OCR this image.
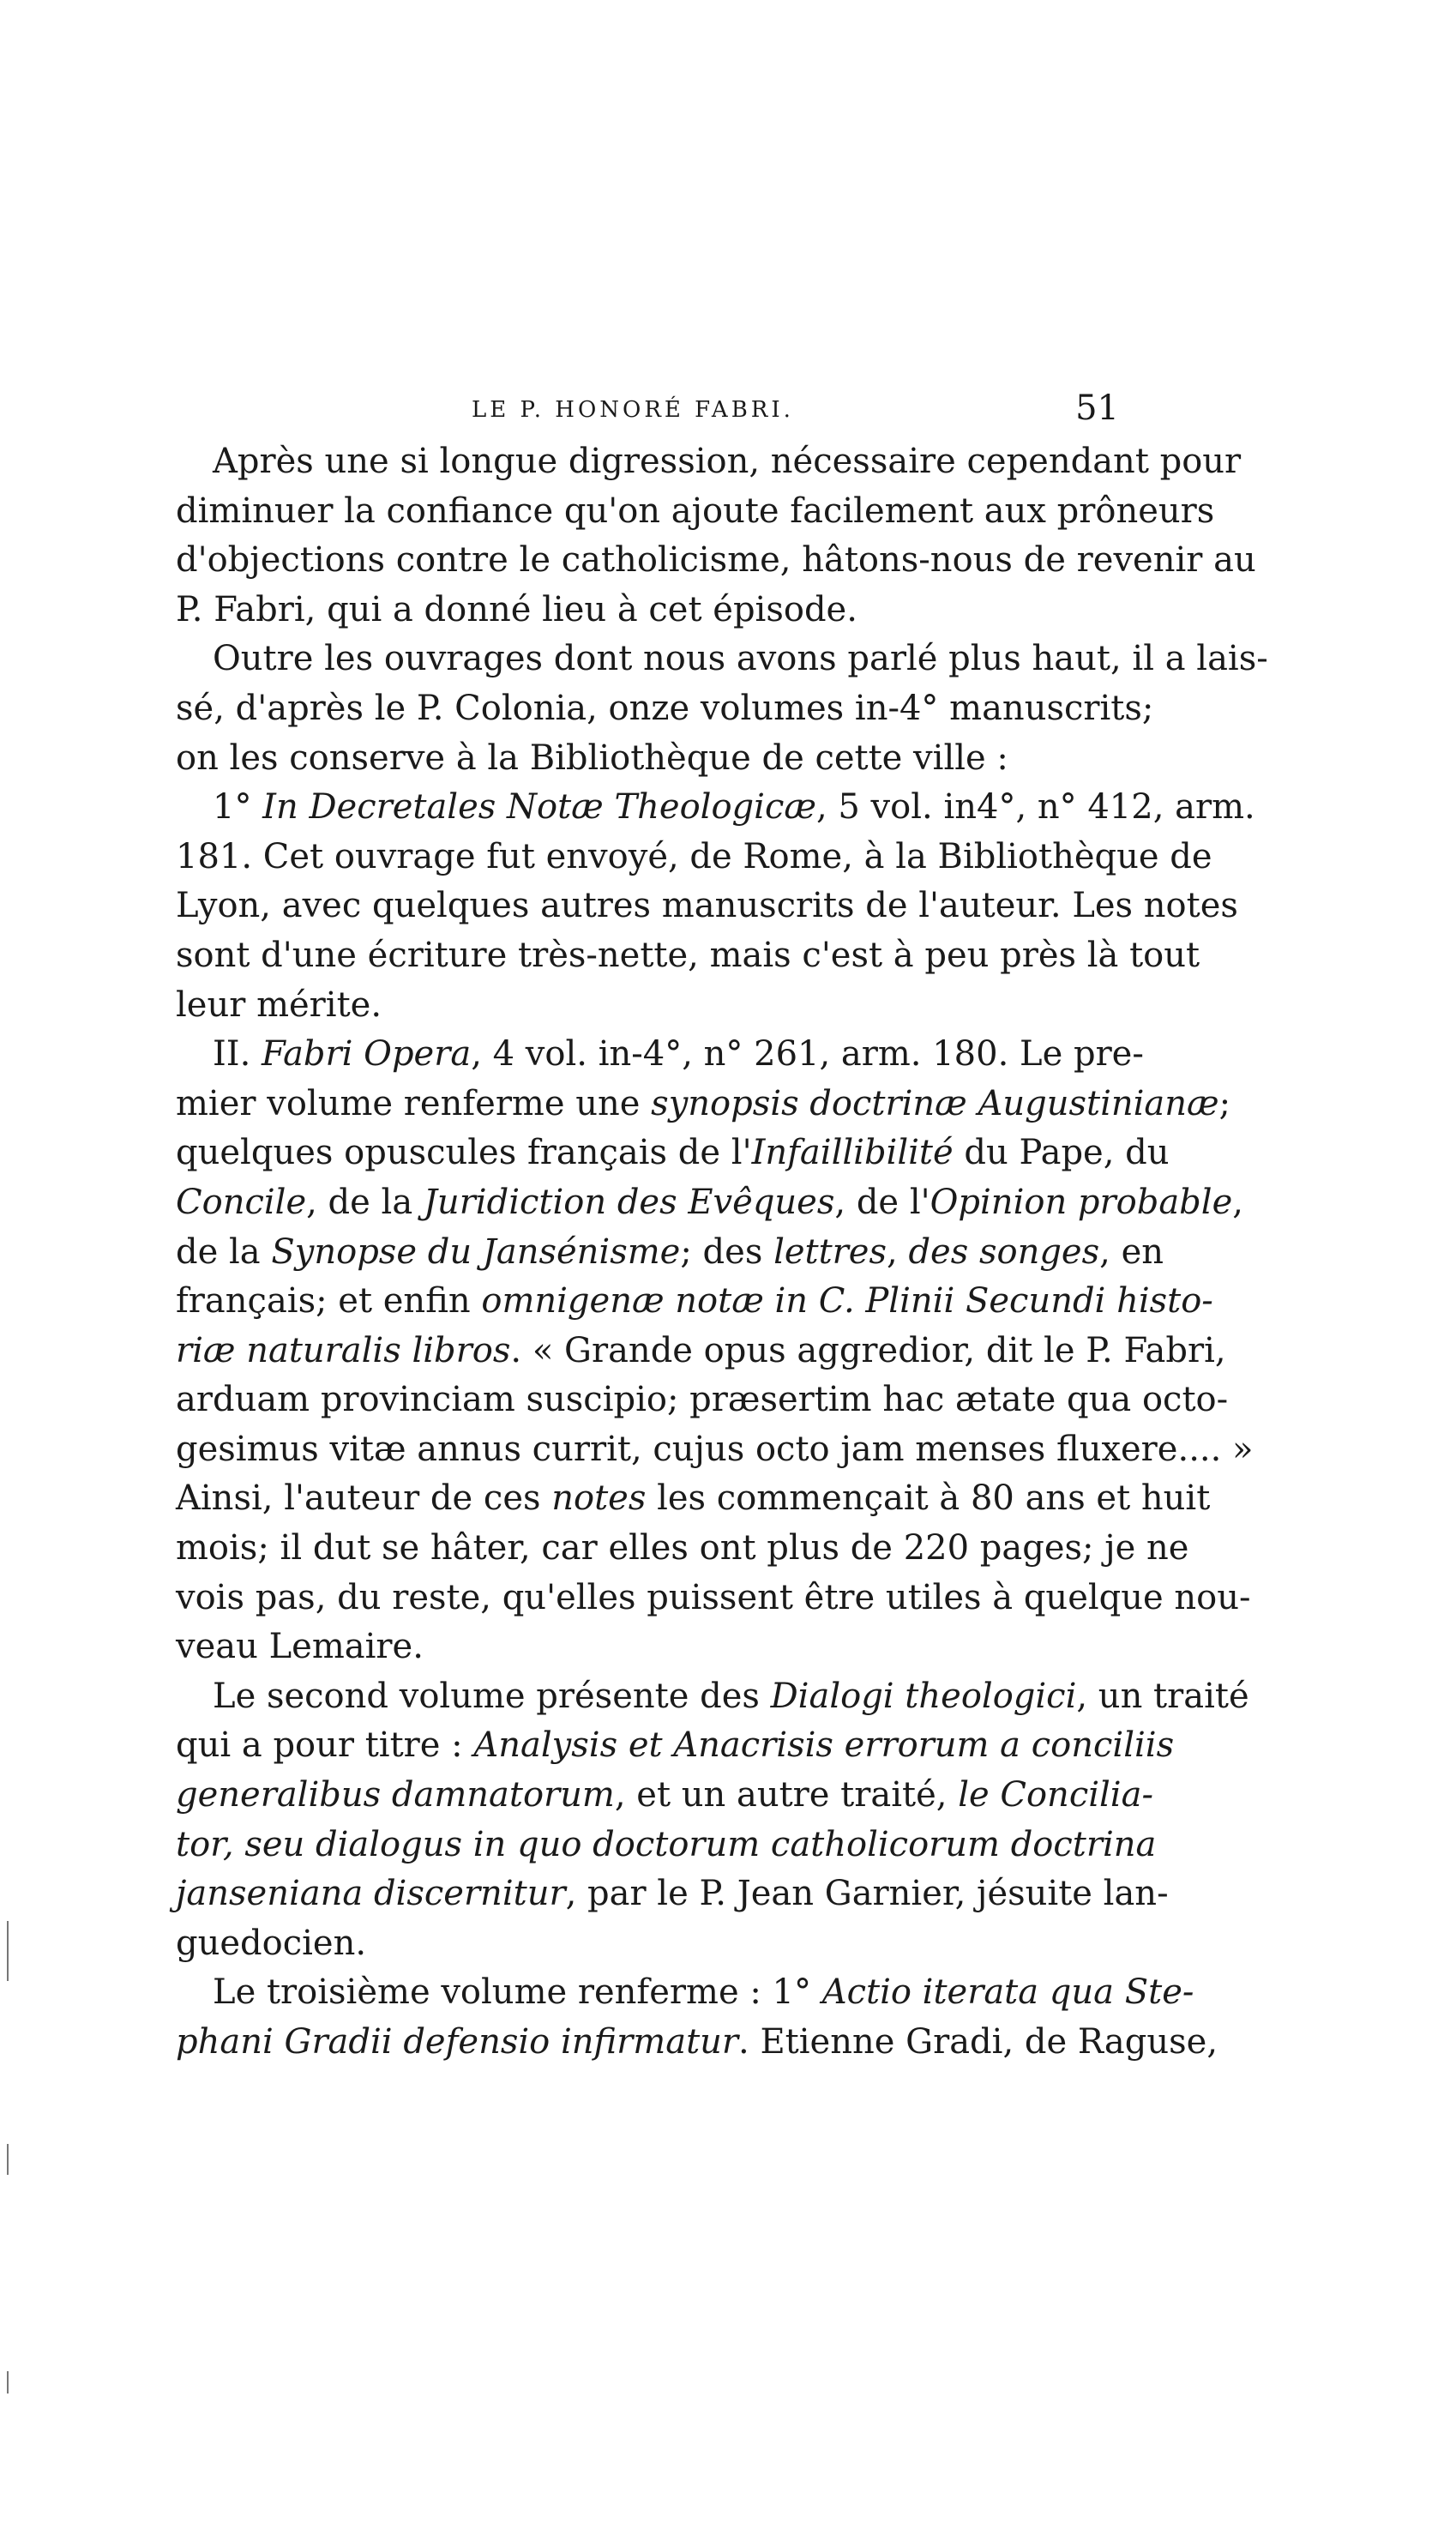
LE P. HONORÉ FABRI.	51
Après une si longue digression, nécessaire cependant pour
diminuer la confiance qu'on ajoute facilement aux prôneurs
d'objections contre le catholicisme, hâtons-nous de revenir au
P. Fabri, qui a donné lieu à cet épisode.
Outre les ouvrages dont nous avons parlé plus haut, il a lais-
sé, d'après le P. Colonia, onze volumes in-4° manuscrits;
on les conserve à la Bibliothèque de cette ville :
1° In Decretales Notæ Theologicæ, 5 vol. in4°, n° 412, arm.
181. Cet ouvrage fut envoyé, de Rome, à la Bibliothèque de
Lyon, avec quelques autres manuscrits de l'auteur. Les notes
sont d'une écriture très-nette, mais c'est à peu près là tout
leur mérite.
II. Fabri Opera, 4 vol. in-4°, n° 261, arm. 180. Le pre-
mier volume renferme une synopsis doctrinæ Augustinianæ;
quelques opuscules français de l'Infaillibilité du Pape, du
Concile, de la Juridiction des Evêques, de l'Opinion probable,
de la Synopse du Jansénisme; des lettres, des songes, en
français; et enfin omnigenæ notæ in C. Plinii Secundi histo-
riæ naturalis libros. « Grande opus aggredior, dit le P. Fabri,
arduam provinciam suscipio; præsertim hac ætate qua octo-
gesimus vitæ annus currit, cujus octo jam menses fluxere.... »
Ainsi, l'auteur de ces notes les commençait à 80 ans et huit
mois; il dut se hâter, car elles ont plus de 220 pages; je ne
vois pas, du reste, qu'elles puissent être utiles à quelque nou-
veau Lemaire.
Le second volume présente des Dialogi theologici, un traité
qui a pour titre : Analysis et Anacrisis errorum a conciliis
generalibus damnatorum, et un autre traité, le Concilia-
tor, seu dialogus in quo doctorum catholicorum doctrina
janseniana discernitur, par le P. Jean Garnier, jésuite lan-
guedocien.
Le troisième volume renferme : 1° Actio iterata qua Ste-
phani Gradii defensio infirmatur. Etienne Gradi, de Raguse,
